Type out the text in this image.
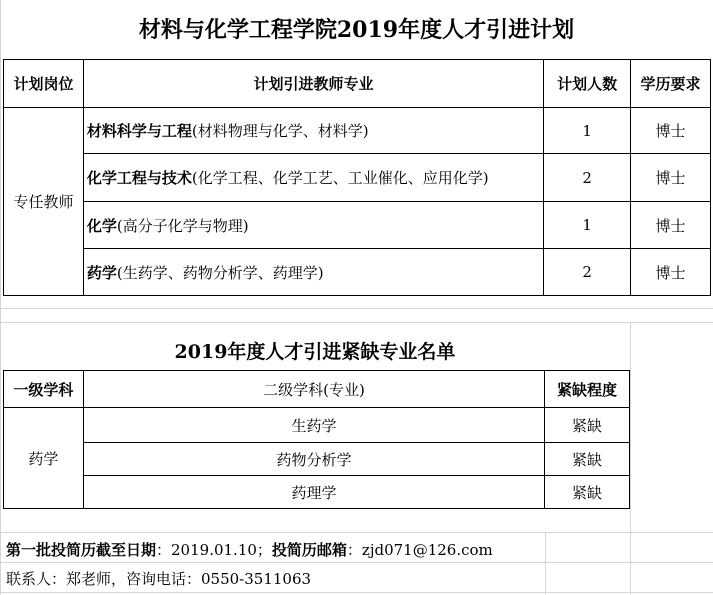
材料与化学工程学院2019年度人才引进计划
计划岗位	计划引进教师专业	计划人数	学历要求
专任教师	材料科学与工程(材料物理与化学、材料学)	1	博士
	化学工程与技术(化学工程、化学工艺、工业催化、应用化学)	2	博士
	化学(高分子化学与物理)	1	博士
	药学(生药学、药物分析学、药理学)	2	博士
2019年度人才引进紧缺专业名单
一级学科	二级学科(专业)	紧缺程度
药学	生药学	紧缺
	药物分析学	紧缺
	药理学	紧缺
第一批投简历截至日期：2019.01.10；投简历邮箱：zjd071@126.com
联系人：郑老师，咨询电话：0550-3511063
